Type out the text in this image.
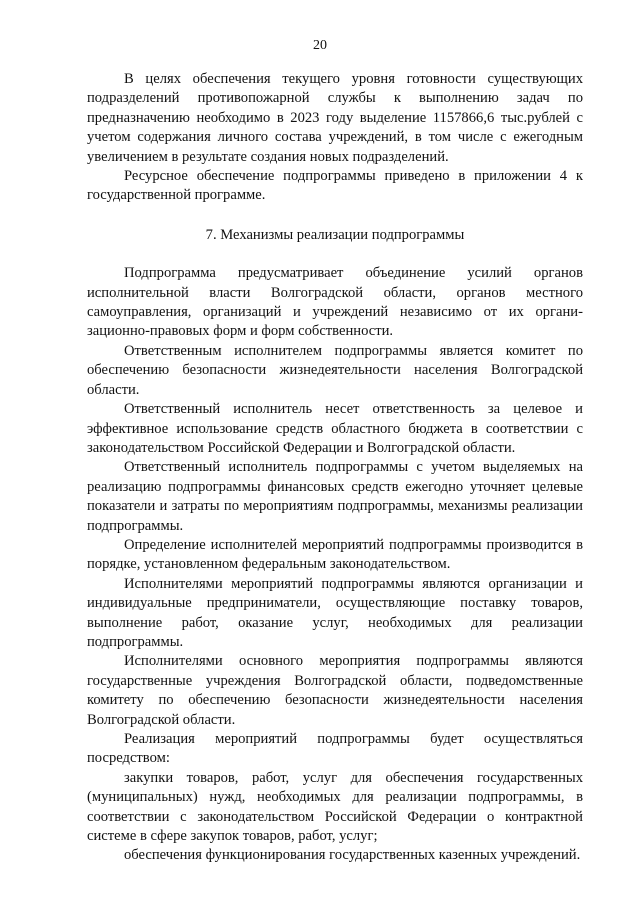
20

В целях обеспечения текущего уровня готовности существующих подразделений противопожарной службы к выполнению задач по предназначению необходимо в 2023 году выделение 1157866,6 тыс.рублей с учетом содержания личного состава учреждений, в том числе с ежегодным увеличением в результате создания новых подразделений.

Ресурсное обеспечение подпрограммы приведено в приложении 4 к государственной программе.

7. Механизмы реализации подпрограммы

Подпрограмма предусматривает объединение усилий органов исполнительной власти Волгоградской области, органов местного самоуправления, организаций и учреждений независимо от их организационно-правовых форм и форм собственности.

Ответственным исполнителем подпрограммы является комитет по обеспечению безопасности жизнедеятельности населения Волгоградской области.

Ответственный исполнитель несет ответственность за целевое и эффективное использование средств областного бюджета в соответствии с законодательством Российской Федерации и Волгоградской области.

Ответственный исполнитель подпрограммы с учетом выделяемых на реализацию подпрограммы финансовых средств ежегодно уточняет целевые показатели и затраты по мероприятиям подпрограммы, механизмы реализации подпрограммы.

Определение исполнителей мероприятий подпрограммы производится в порядке, установленном федеральным законодательством.

Исполнителями мероприятий подпрограммы являются организации и индивидуальные предприниматели, осуществляющие поставку товаров, выполнение работ, оказание услуг, необходимых для реализации подпрограммы.

Исполнителями основного мероприятия подпрограммы являются государственные учреждения Волгоградской области, подведомственные комитету по обеспечению безопасности жизнедеятельности населения Волгоградской области.

Реализация мероприятий подпрограммы будет осуществляться посредством:

закупки товаров, работ, услуг для обеспечения государственных (муниципальных) нужд, необходимых для реализации подпрограммы, в соответствии с законодательством Российской Федерации о контрактной системе в сфере закупок товаров, работ, услуг;

обеспечения функционирования государственных казенных учреждений.
